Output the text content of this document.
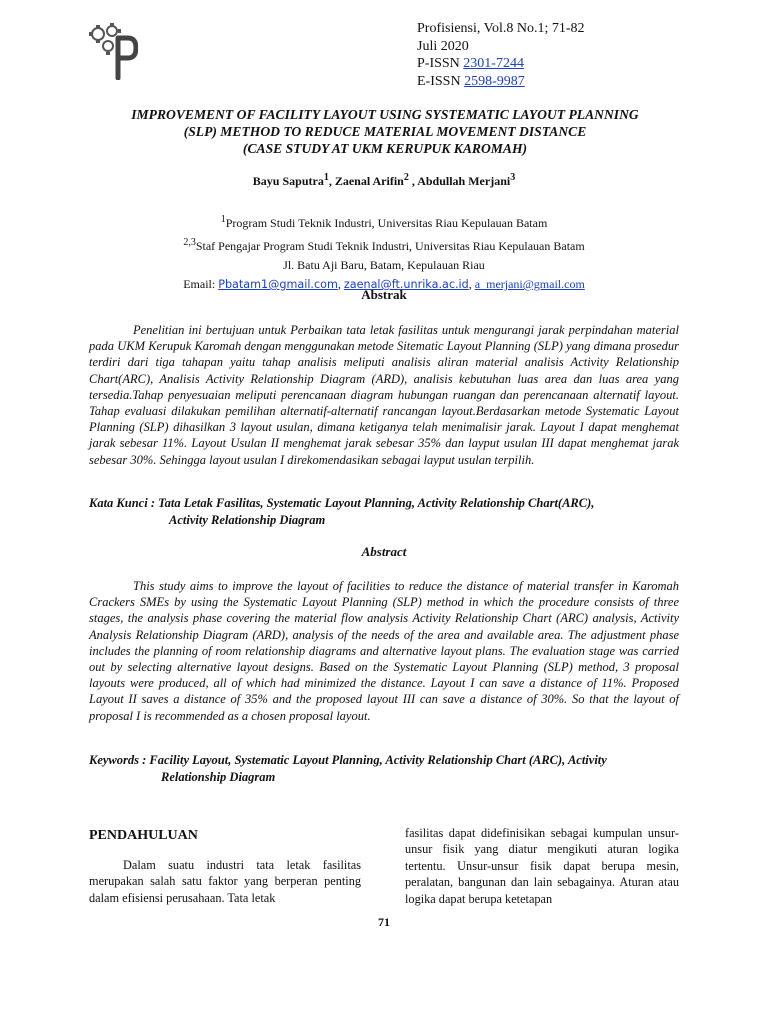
Profisiensi, Vol.8 No.1; 71-82
Juli 2020
P-ISSN 2301-7244
E-ISSN 2598-9987
IMPROVEMENT OF FACILITY LAYOUT USING SYSTEMATIC LAYOUT PLANNING
(SLP) METHOD TO REDUCE MATERIAL MOVEMENT DISTANCE
(CASE STUDY AT UKM KERUPUK KAROMAH)
Bayu Saputra$^1$, Zaenal Arifin$^2$ , Abdullah Merjani$^3$
$^1$Program Studi Teknik Industri, Universitas Riau Kepulauan Batam
$^{2,3}$Staf Pengajar Program Studi Teknik Industri, Universitas Riau Kepulauan Batam
Jl. Batu Aji Baru, Batam, Kepulauan Riau
Email: Pbatam1@gmail.com, zaenal@ft.unrika.ac.id, a_merjani@gmail.com
Abstrak

Penelitian ini bertujuan untuk Perbaikan tata letak fasilitas untuk mengurangi jarak perpindahan material pada UKM Kerupuk Karomah dengan menggunakan metode Sitematic Layout Planning (SLP) yang dimana prosedur terdiri dari tiga tahapan yaitu tahap analisis meliputi analisis aliran material analisis Activity Relationship Chart(ARC), Analisis Activity Relationship Diagram (ARD), analisis kebutuhan luas area dan luas area yang tersedia.Tahap penyesuaian meliputi perencanaan diagram hubungan ruangan dan perencanaan alternatif layout. Tahap evaluasi dilakukan pemilihan alternatif-alternatif rancangan layout.Berdasarkan metode Systematic Layout Planning (SLP) dihasilkan 3 layout usulan, dimana ketiganya telah menimalisir jarak. Layout I dapat menghemat jarak sebesar 11%. Layout Usulan II menghemat jarak sebesar 35% dan layput usulan III dapat menghemat jarak sebesar 30%. Sehingga layout usulan I direkomendasikan sebagai layput usulan terpilih.

Kata Kunci : Tata Letak Fasilitas, Systematic Layout Planning, Activity Relationship Chart(ARC),
Activity Relationship Diagram
Abstract

This study aims to improve the layout of facilities to reduce the distance of material transfer in Karomah Crackers SMEs by using the Systematic Layout Planning (SLP) method in which the procedure consists of three stages, the analysis phase covering the material flow analysis Activity Relationship Chart (ARC) analysis, Activity Analysis Relationship Diagram (ARD), analysis of the needs of the area and available area. The adjustment phase includes the planning of room relationship diagrams and alternative layout plans. The evaluation stage was carried out by selecting alternative layout designs. Based on the Systematic Layout Planning (SLP) method, 3 proposal layouts were produced, all of which had minimized the distance. Layout I can save a distance of 11%. Proposed Layout II saves a distance of 35% and the proposed layout III can save a distance of 30%. So that the layout of proposal I is recommended as a chosen proposal layout.

Keywords : Facility Layout, Systematic Layout Planning, Activity Relationship Chart (ARC), Activity
Relationship Diagram
PENDAHULUAN

Dalam suatu industri tata letak fasilitas merupakan salah satu faktor yang berperan penting dalam efisiensi perusahaan. Tata letak

fasilitas dapat didefinisikan sebagai kumpulan unsur-unsur fisik yang diatur mengikuti aturan logika tertentu. Unsur-unsur fisik dapat berupa mesin, peralatan, bangunan dan lain sebagainya. Aturan atau logika dapat berupa ketetapan

71
